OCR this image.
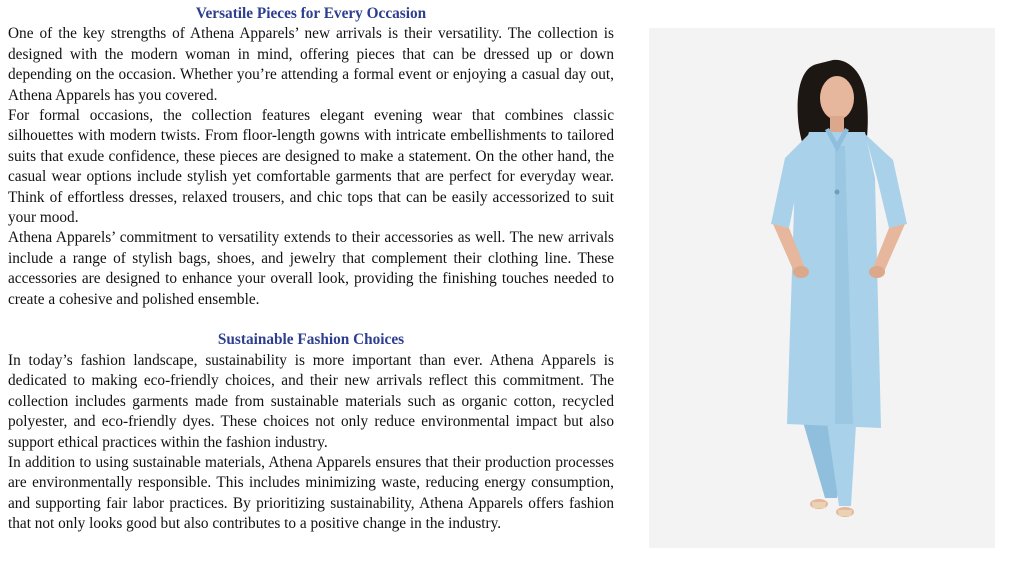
Versatile Pieces for Every Occasion

One of the key strengths of Athena Apparels’ new arrivals is their versatility. The collection is designed with the modern woman in mind, offering pieces that can be dressed up or down depending on the occasion. Whether you’re attending a formal event or enjoying a casual day out, Athena Apparels has you covered.

For formal occasions, the collection features elegant evening wear that combines classic silhouettes with modern twists. From floor-length gowns with intricate embellishments to tailored suits that exude confidence, these pieces are designed to make a statement. On the other hand, the casual wear options include stylish yet comfortable garments that are perfect for everyday wear. Think of effortless dresses, relaxed trousers, and chic tops that can be easily accessorized to suit your mood.

Athena Apparels’ commitment to versatility extends to their accessories as well. The new arrivals include a range of stylish bags, shoes, and jewelry that complement their clothing line. These accessories are designed to enhance your overall look, providing the finishing touches needed to create a cohesive and polished ensemble.

Sustainable Fashion Choices

In today’s fashion landscape, sustainability is more important than ever. Athena Apparels is dedicated to making eco-friendly choices, and their new arrivals reflect this commitment. The collection includes garments made from sustainable materials such as organic cotton, recycled polyester, and eco-friendly dyes. These choices not only reduce environmental impact but also support ethical practices within the fashion industry.

In addition to using sustainable materials, Athena Apparels ensures that their production processes are environmentally responsible. This includes minimizing waste, reducing energy consumption, and supporting fair labor practices. By prioritizing sustainability, Athena Apparels offers fashion that not only looks good but also contributes to a positive change in the industry.
